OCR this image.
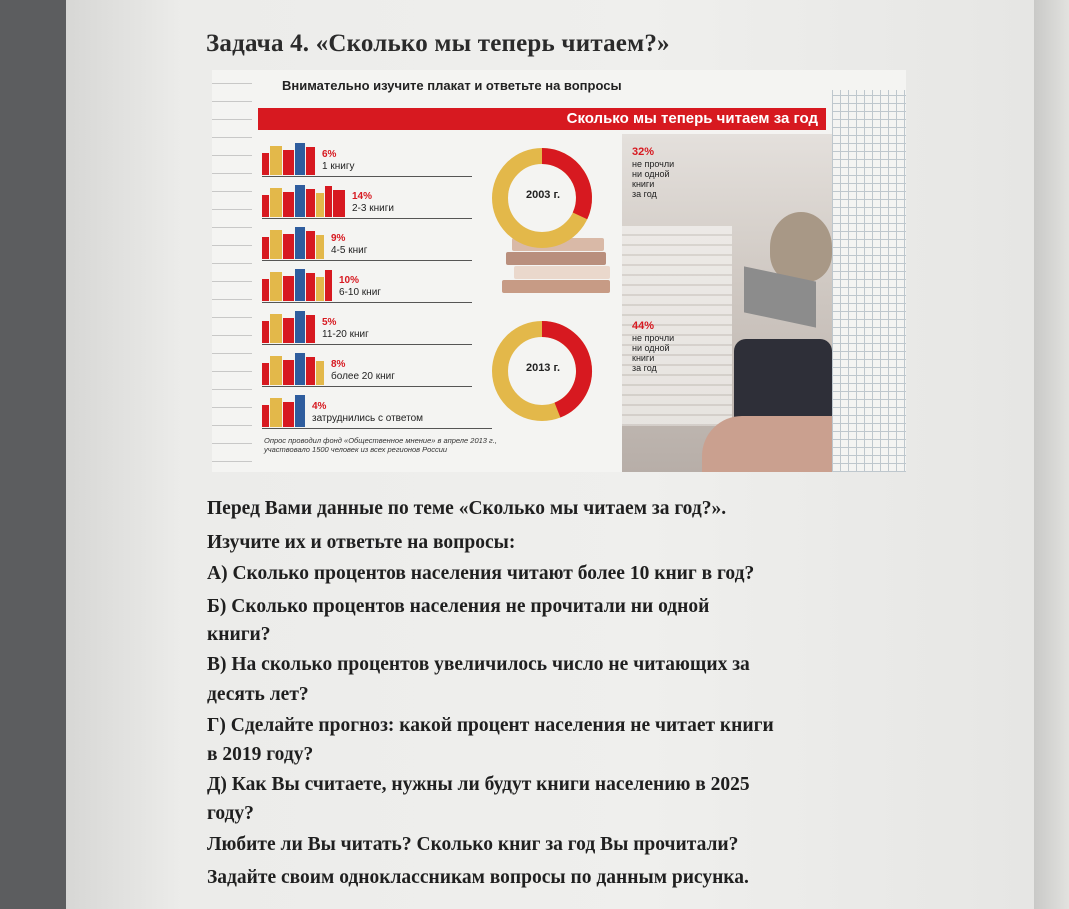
Задача 4. «Сколько мы теперь читаем?»

Внимательно изучите плакат и ответьте на вопросы

Сколько мы теперь читаем за год

6%

1 книгу

14%

2-3 книги

9%

4-5 книг

10%

6-10 книг

5%

11-20 книг

8%

более 20 книг

4%

затруднились с ответом

2003 г.

2013 г.

32%
не прочли
ни одной
книги
за год
44%
не прочли
ни одной
книги
за год

Опрос проводил фонд «Общественное мнение» в апреле 2013 г.,
участвовало 1500 человек из всех регионов России

Перед Вами данные по теме «Сколько мы читаем за год?».

Изучите их и ответьте на вопросы:

А) Сколько процентов населения читают более 10 книг в год?

Б) Сколько процентов населения не прочитали ни одной

книги?

В) На сколько процентов увеличилось число не читающих за

десять лет?

Г) Сделайте прогноз: какой процент населения не читает книги

в 2019 году?

Д) Как Вы считаете, нужны ли будут книги населению в 2025

году?

Любите ли Вы читать? Сколько книг за год Вы прочитали?

Задайте своим одноклассникам вопросы по данным рисунка.
